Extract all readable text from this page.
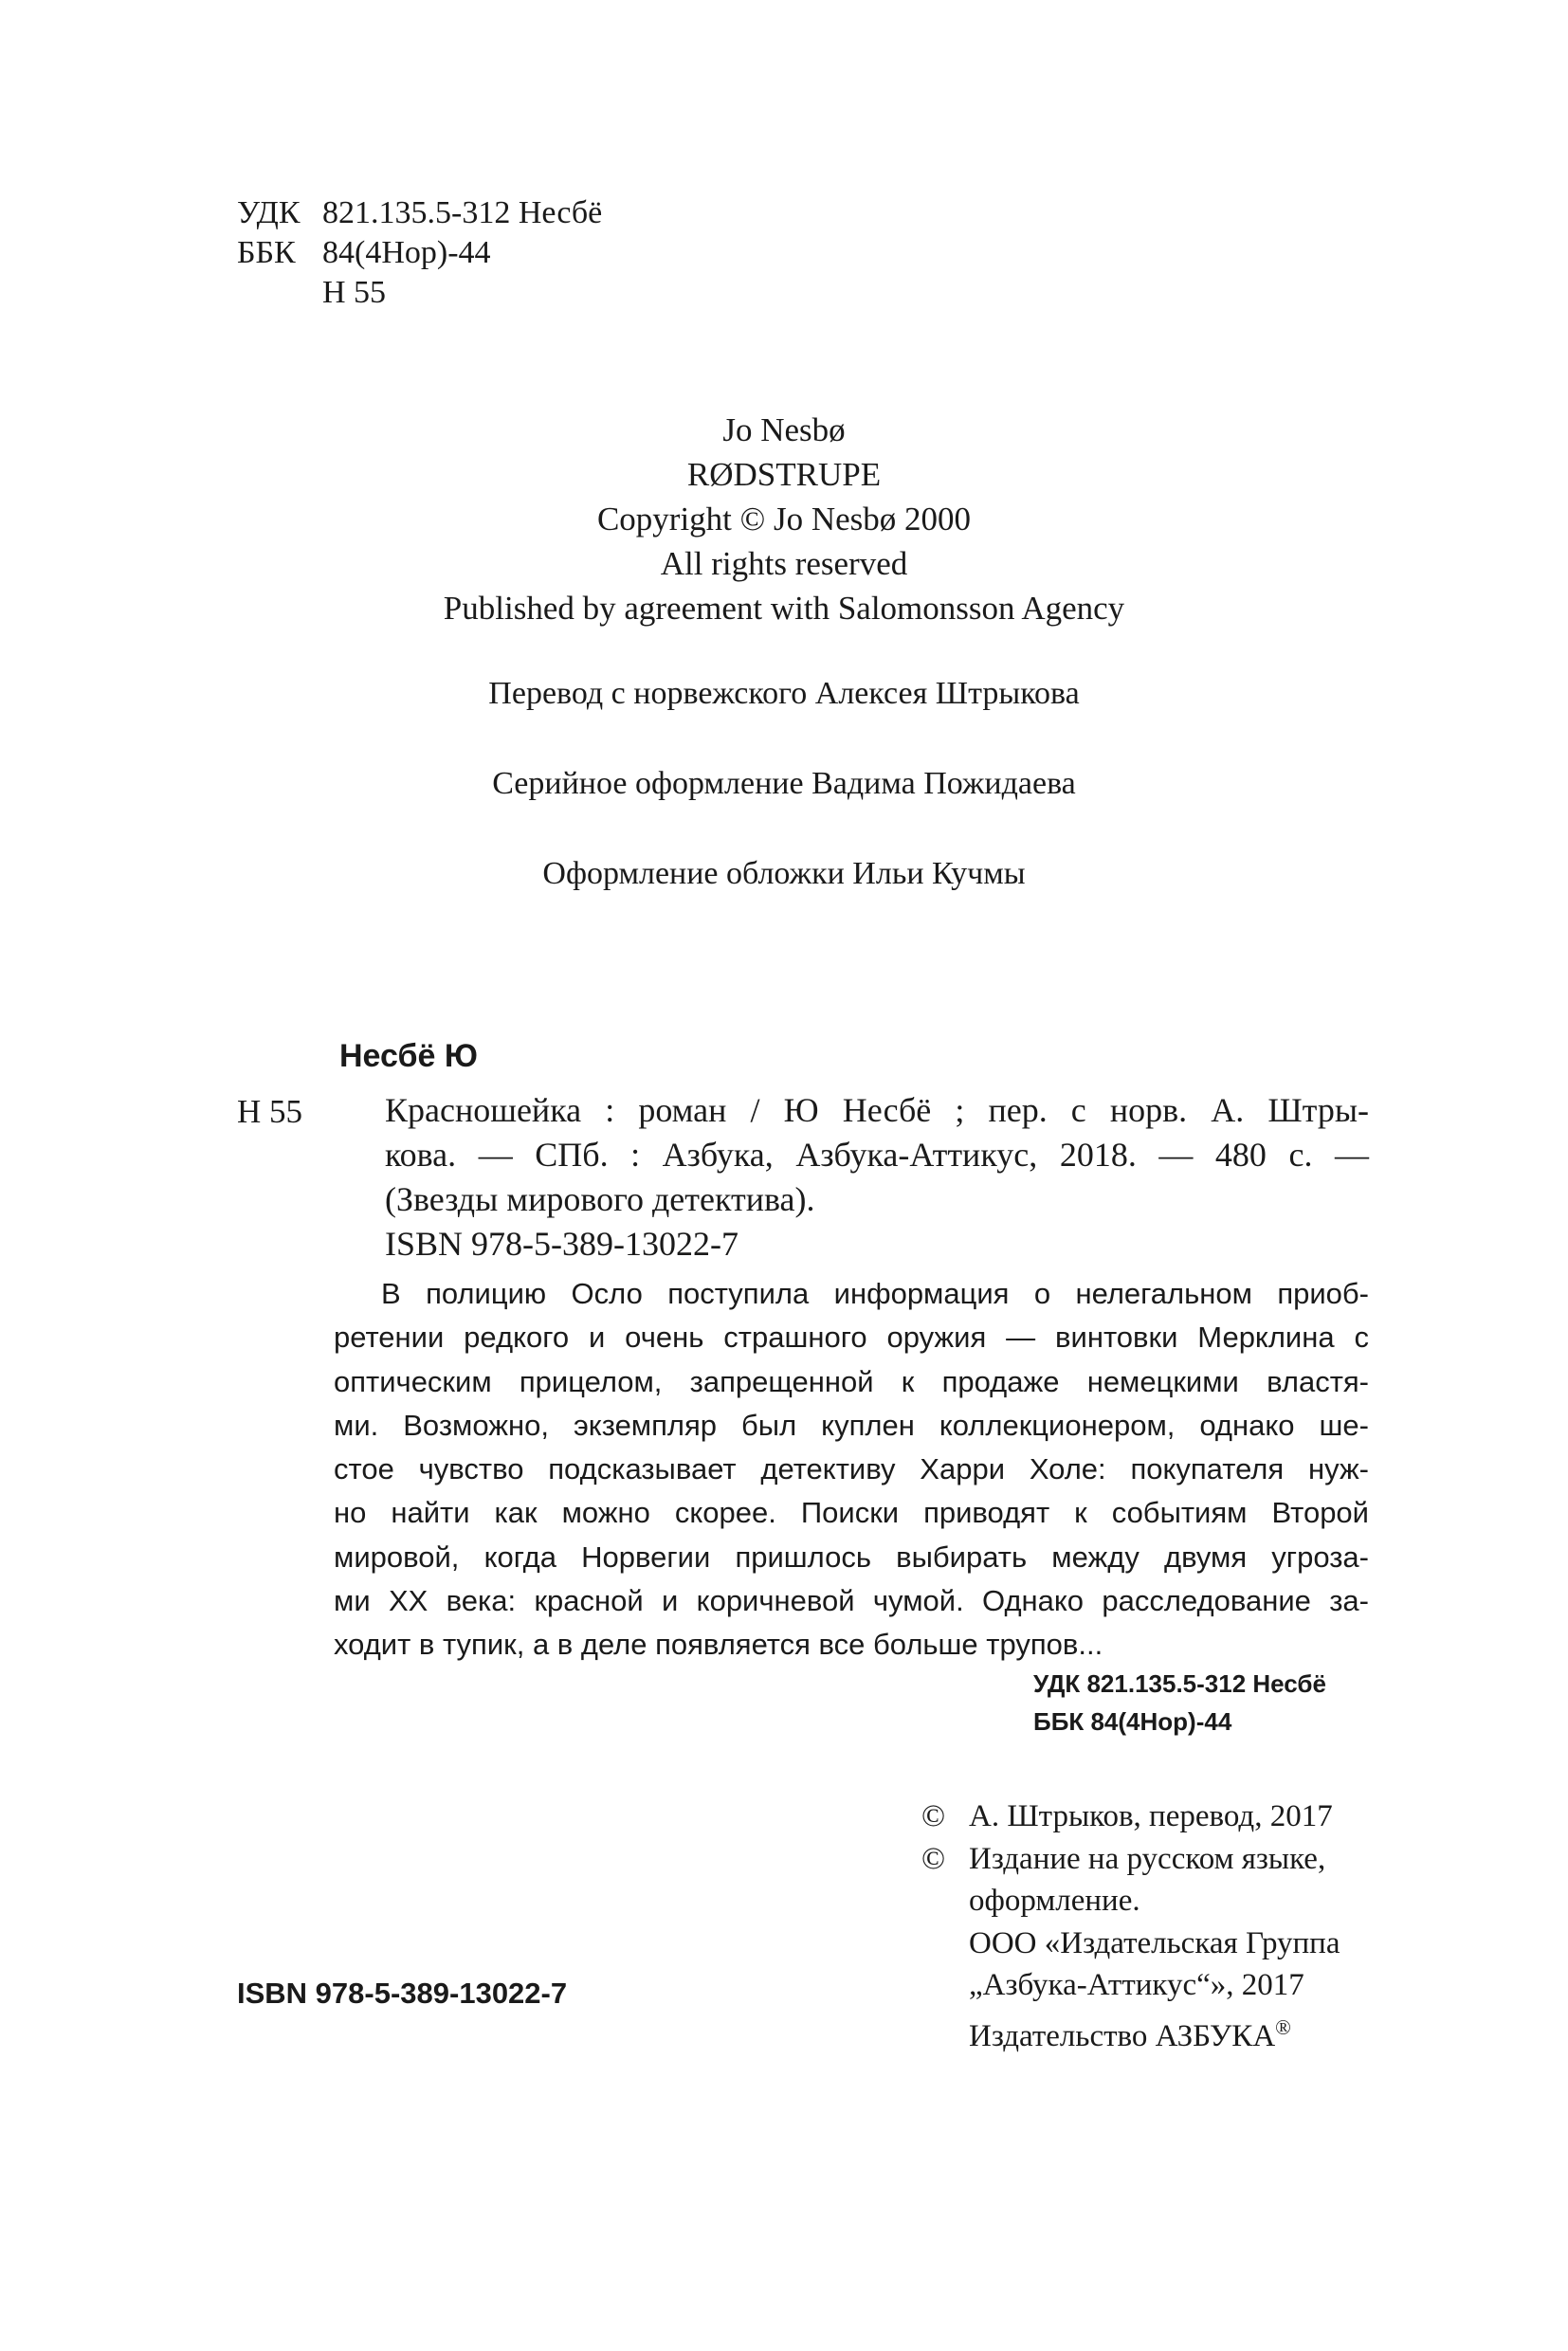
УДК 821.135.5-312 Несбё
ББК 84(4Нор)-44
Н 55
Jo Nesbø
RØDSTRUPE
Copyright © Jo Nesbø 2000
All rights reserved
Published by agreement with Salomonsson Agency
Перевод с норвежского Алексея Штрыкова
Серийное оформление Вадима Пожидаева
Оформление обложки Ильи Кучмы
Несбё Ю
Н 55 Красношейка : роман / Ю Несбё ; пер. с норв. А. Штры-
кова. — СПб. : Азбука, Азбука-Аттикус, 2018. — 480 с. —
(Звезды мирового детектива).
ISBN 978-5-389-13022-7
В полицию Осло поступила информация о нелегальном приоб-
ретении редкого и очень страшного оружия — винтовки Мерклина с
оптическим прицелом, запрещенной к продаже немецкими властя-
ми. Возможно, экземпляр был куплен коллекционером, однако ше-
стое чувство подсказывает детективу Харри Холе: покупателя нуж-
но найти как можно скорее. Поиски приводят к событиям Второй
мировой, когда Норвегии пришлось выбирать между двумя угроза-
ми XX века: красной и коричневой чумой. Однако расследование за-
ходит в тупик, а в деле появляется все больше трупов...
УДК 821.135.5-312 Несбё
ББК 84(4Нор)-44
© А. Штрыков, перевод, 2017
© Издание на русском языке,
оформление.
ООО «Издательская Группа
„Азбука-Аттикус“», 2017
Издательство АЗБУКА®
ISBN 978-5-389-13022-7
